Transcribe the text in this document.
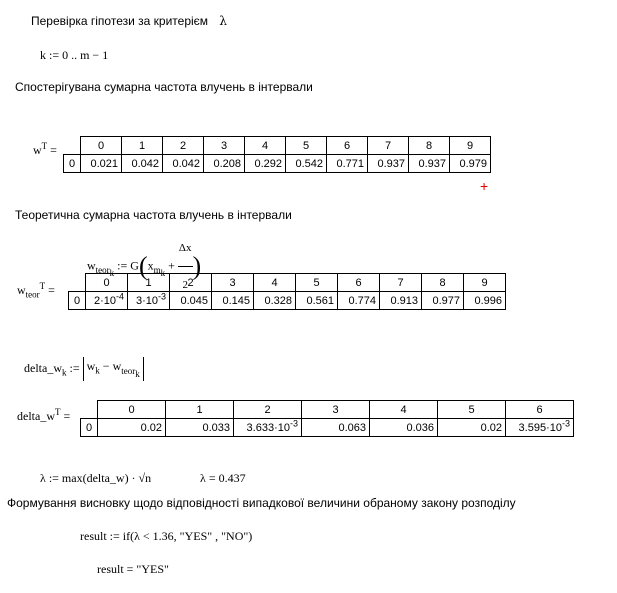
Перевірка гіпотези за критерієм λ
k := 0 .. m − 1
Спостерігувана сумарна частота влучень в інтервали
$w^T$ =
		0	1	2	3	4	5	6	7	8	9
0	0.021	0.042	0.042	0.208	0.292	0.542	0.771	0.937	0.937	0.979
+
Теоретична сумарна частота влучень в інтервали
$w_{teor_k}$ := $G(x_{m_k} + \frac{\Delta x}{2}$ )
$w_{teor}^T$ =
	0	1	2	3	4	5	6	7	8	9
0	$2\cdot 10^{-4}$	$3\cdot 10^{-3}$	0.045	0.145	0.328	0.561	0.774	0.913	0.977	0.996
$delta\_w_k$ := $w_k - w_{teor_k}$
$delta\_w^T$ =
		0	1	2	3	4	5	6
0	0.02	0.033	$3.633\cdot 10^{-3}$	0.063	0.036	0.02	$3.595\cdot 10^{-3}$
λ := max(delta_w) · √n	λ = 0.437
Формування висновку щодо відповідності випадкової величини обраному закону розподілу
result := if(λ < 1.36, "YES" , "NO")
result = "YES"
